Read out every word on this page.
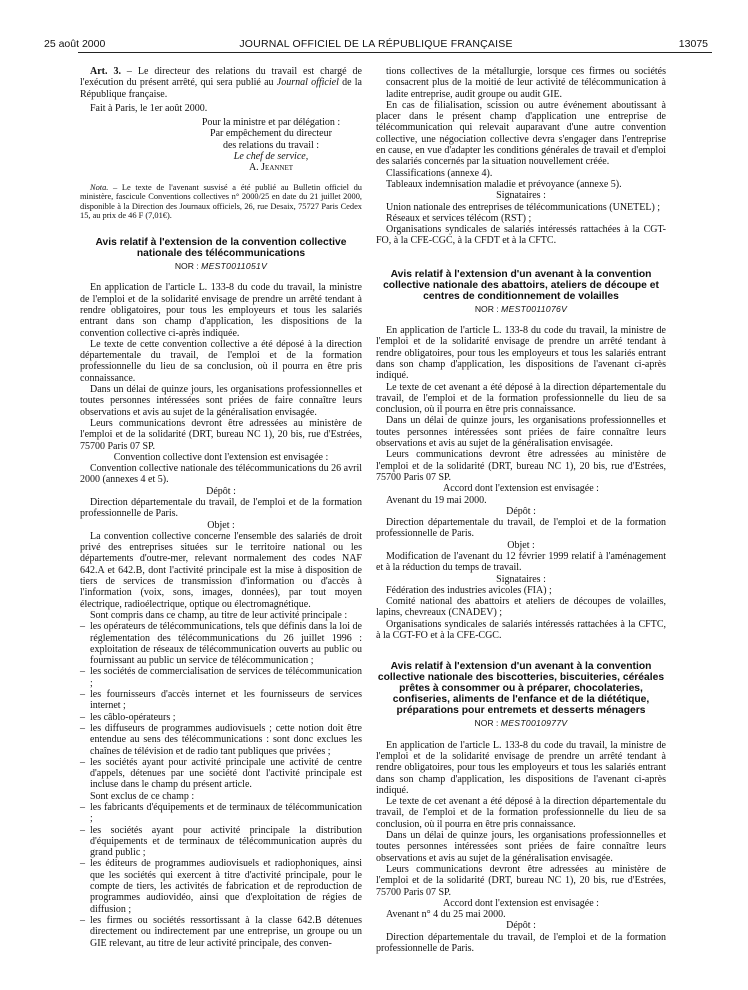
25 août 2000	JOURNAL OFFICIEL DE LA RÉPUBLIQUE FRANÇAISE	13075

Art. 3. – Le directeur des relations du travail est chargé de l'exécution du présent arrêté, qui sera publié au Journal officiel de la République française.

Fait à Paris, le 1er août 2000.

Pour la ministre et par délégation :

Par empêchement du directeur

des relations du travail :

Le chef de service,

A. Jeannet

Nota. – Le texte de l'avenant susvisé a été publié au Bulletin officiel du ministère, fascicule Conventions collectives n° 2000/25 en date du 21 juillet 2000, disponible à la Direction des Journaux officiels, 26, rue Desaix, 75727 Paris Cedex 15, au prix de 46 F (7,01€).

Avis relatif à l'extension de la convention collective nationale des télécommunications
NOR : MEST0011051V

En application de l'article L. 133-8 du code du travail, la ministre de l'emploi et de la solidarité envisage de prendre un arrêté tendant à rendre obligatoires, pour tous les employeurs et tous les salariés entrant dans son champ d'application, les dispositions de la convention collective ci-après indiquée.

Le texte de cette convention collective a été déposé à la direction départementale du travail, de l'emploi et de la formation professionnelle du lieu de sa conclusion, où il pourra en être pris connaissance.

Dans un délai de quinze jours, les organisations professionnelles et toutes personnes intéressées sont priées de faire connaître leurs observations et avis au sujet de la généralisation envisagée.

Leurs communications devront être adressées au ministère de l'emploi et de la solidarité (DRT, bureau NC 1), 20 bis, rue d'Estrées, 75700 Paris 07 SP.

Convention collective dont l'extension est envisagée :

Convention collective nationale des télécommunications du 26 avril 2000 (annexes 4 et 5).

Dépôt :

Direction départementale du travail, de l'emploi et de la formation professionnelle de Paris.

Objet :

La convention collective concerne l'ensemble des salariés de droit privé des entreprises situées sur le territoire national ou les départements d'outre-mer, relevant normalement des codes NAF 642.A et 642.B, dont l'activité principale est la mise à disposition de tiers de services de transmission d'information ou d'accès à l'information (voix, sons, images, données), par tout moyen électrique, radioélectrique, optique ou électromagnétique.

Sont compris dans ce champ, au titre de leur activité principale :

– les opérateurs de télécommunications, tels que définis dans la loi de réglementation des télécommunications du 26 juillet 1996 : exploitation de réseaux de télécommunication ouverts au public ou fournissant au public un service de télécommunication ;
– les sociétés de commercialisation de services de télécommunication ;
– les fournisseurs d'accès internet et les fournisseurs de services internet ;
– les câblo-opérateurs ;
– les diffuseurs de programmes audiovisuels ; cette notion doit être entendue au sens des télécommunications : sont donc exclues les chaînes de télévision et de radio tant publiques que privées ;
– les sociétés ayant pour activité principale une activité de centre d'appels, détenues par une société dont l'activité principale est incluse dans le champ du présent article.

Sont exclus de ce champ :

– les fabricants d'équipements et de terminaux de télécommunication ;
– les sociétés ayant pour activité principale la distribution d'équipements et de terminaux de télécommunication auprès du grand public ;
– les éditeurs de programmes audiovisuels et radiophoniques, ainsi que les sociétés qui exercent à titre d'activité principale, pour le compte de tiers, les activités de fabrication et de reproduction de programmes audiovidéo, ainsi que d'exploitation de régies de diffusion ;
– les firmes ou sociétés ressortissant à la classe 642.B détenues directement ou indirectement par une entreprise, un groupe ou un GIE relevant, au titre de leur activité principale, des conven-

tions collectives de la métallurgie, lorsque ces firmes ou sociétés consacrent plus de la moitié de leur activité de télécommunication à ladite entreprise, audit groupe ou audit GIE.

En cas de filialisation, scission ou autre événement aboutissant à placer dans le présent champ d'application une entreprise de télécommunication qui relevait auparavant d'une autre convention collective, une négociation collective devra s'engager dans l'entreprise en cause, en vue d'adapter les conditions générales de travail et d'emploi des salariés concernés par la situation nouvellement créée.

Classifications (annexe 4).

Tableaux indemnisation maladie et prévoyance (annexe 5).

Signataires :

Union nationale des entreprises de télécommunications (UNETEL) ;

Réseaux et services télécom (RST) ;

Organisations syndicales de salariés intéressés rattachées à la CGT-FO, à la CFE-CGC, à la CFDT et à la CFTC.

Avis relatif à l'extension d'un avenant à la convention collective nationale des abattoirs, ateliers de découpe et centres de conditionnement de volailles
NOR : MEST0011076V

En application de l'article L. 133-8 du code du travail, la ministre de l'emploi et de la solidarité envisage de prendre un arrêté tendant à rendre obligatoires, pour tous les employeurs et tous les salariés entrant dans son champ d'application, les dispositions de l'avenant ci-après indiqué.

Le texte de cet avenant a été déposé à la direction départementale du travail, de l'emploi et de la formation professionnelle du lieu de sa conclusion, où il pourra en être pris connaissance.

Dans un délai de quinze jours, les organisations professionnelles et toutes personnes intéressées sont priées de faire connaître leurs observations et avis au sujet de la généralisation envisagée.

Leurs communications devront être adressées au ministère de l'emploi et de la solidarité (DRT, bureau NC 1), 20 bis, rue d'Estrées, 75700 Paris 07 SP.

Accord dont l'extension est envisagée :

Avenant du 19 mai 2000.

Dépôt :

Direction départementale du travail, de l'emploi et de la formation professionnelle de Paris.

Objet :

Modification de l'avenant du 12 février 1999 relatif à l'aménagement et à la réduction du temps de travail.

Signataires :

Fédération des industries avicoles (FIA) ;

Comité national des abattoirs et ateliers de découpes de volailles, lapins, chevreaux (CNADEV) ;

Organisations syndicales de salariés intéressés rattachées à la CFTC, à la CGT-FO et à la CFE-CGC.

Avis relatif à l'extension d'un avenant à la convention collective nationale des biscotteries, biscuiteries, céréales prêtes à consommer ou à préparer, chocolateries, confiseries, aliments de l'enfance et de la diététique, préparations pour entremets et desserts ménagers
NOR : MEST0010977V

En application de l'article L. 133-8 du code du travail, la ministre de l'emploi et de la solidarité envisage de prendre un arrêté tendant à rendre obligatoires, pour tous les employeurs et tous les salariés entrant dans son champ d'application, les dispositions de l'avenant ci-après indiqué.

Le texte de cet avenant a été déposé à la direction départementale du travail, de l'emploi et de la formation professionnelle du lieu de sa conclusion, où il pourra en être pris connaissance.

Dans un délai de quinze jours, les organisations professionnelles et toutes personnes intéressées sont priées de faire connaître leurs observations et avis au sujet de la généralisation envisagée.

Leurs communications devront être adressées au ministère de l'emploi et de la solidarité (DRT, bureau NC 1), 20 bis, rue d'Estrées, 75700 Paris 07 SP.

Accord dont l'extension est envisagée :

Avenant n° 4 du 25 mai 2000.

Dépôt :

Direction départementale du travail, de l'emploi et de la formation professionnelle de Paris.
